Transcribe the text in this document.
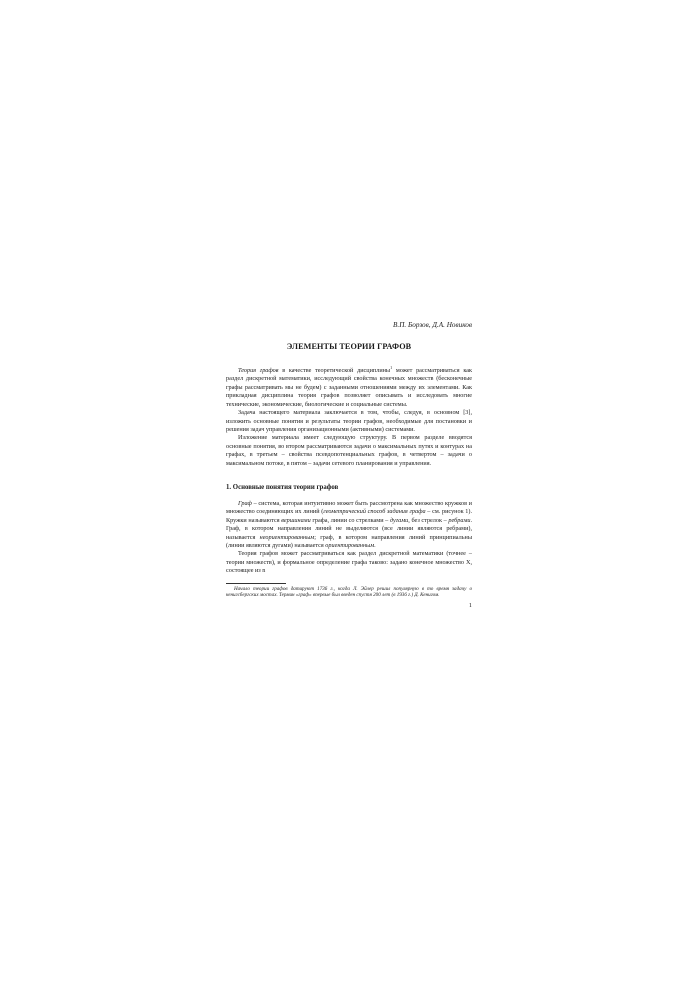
В.П. Борзов, Д.А. Новиков
ЭЛЕМЕНТЫ ТЕОРИИ ГРАФОВ

Теория графов в качестве теоретической дисциплины$^1$ может рассматриваться как раздел дискретной математики, исследующий свойства конечных множеств (бесконечные графы рассматривать мы не будем) с заданными отношениями между их элементами. Как прикладная дисциплина теория графов позволяет описывать и исследовать многие технические, экономические, биологические и социальные системы.

Задача настоящего материала заключается в том, чтобы, следуя, в основном [3], изложить основные понятия и результаты теории графов, необходимые для постановки и решения задач управления организационными (активными) системами.

Изложение материала имеет следующую структуру. В первом разделе вводятся основные понятия, во втором рассматриваются задачи о максимальных путях и контурах на графах, в третьем – свойства псевдопотенциальных графов, в четвертом – задачи о максимальном потоке, в пятом – задачи сетевого планирования и управления.

1. Основные понятия теории графов

Граф – система, которая интуитивно может быть рассмотрена как множество кружков и множество соединяющих их линий (геометрический способ задания графа – см. рисунок 1). Кружки называются вершинами графа, линии со стрелками – дугами, без стрелок – ребрами. Граф, в котором направления линий не выделяются (все линии являются ребрами), называется неориентированным; граф, в котором направления линий принципиальны (линии являются дугами) называется ориентированным.

Теория графов может рассматриваться как раздел дискретной математики (точнее – теории множеств), и формальное определение графа таково: задано конечное множество X, состоящее из n

Начало теории графов датируют 1736 г., когда Л. Эйлер решил популярную в то время задачу о кенигсбергских мостах. Термин «граф» впервые был введен спустя 200 лет (в 1936 г.) Д. Кенигом.

1
